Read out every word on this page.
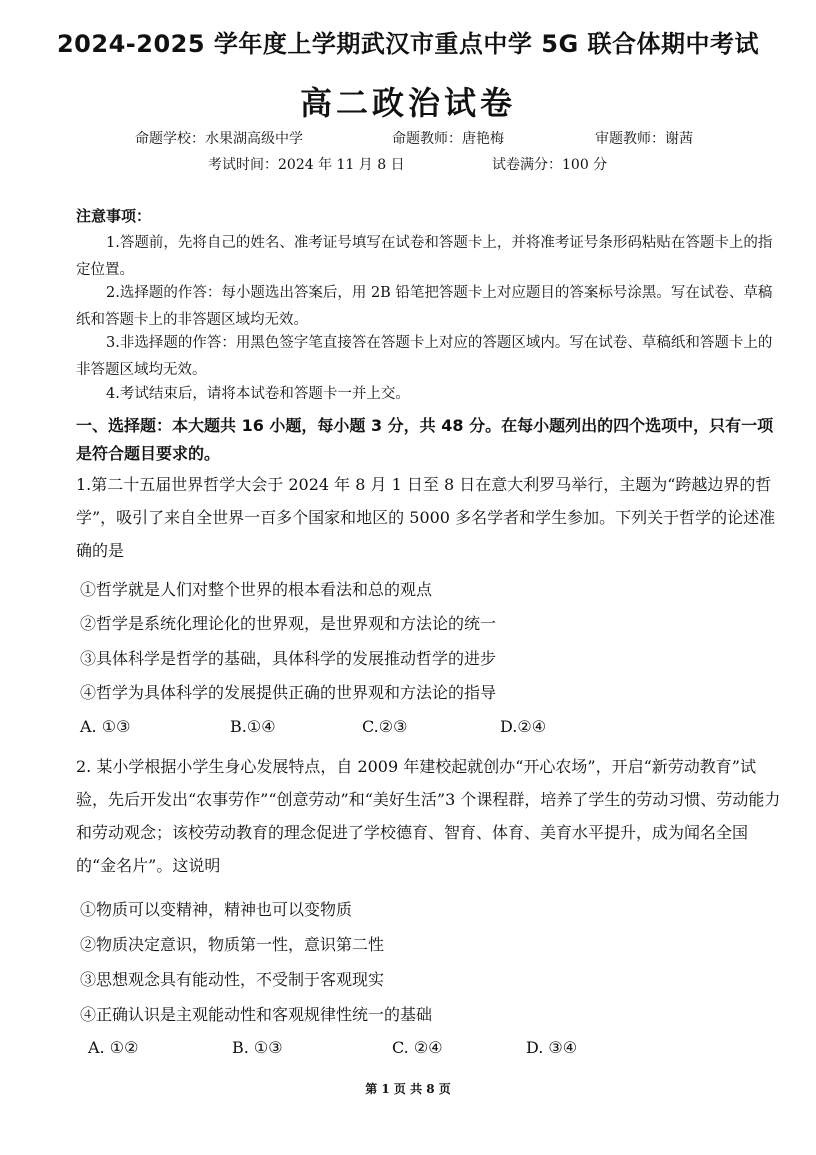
2024-2025 学年度上学期武汉市重点中学 5G 联合体期中考试
高二政治试卷
命题学校：水果湖高级中学	命题教师：唐艳梅	审题教师：谢茜
考试时间：2024 年 11 月 8 日	试卷满分：100 分
注意事项：
1.答题前，先将自己的姓名、准考证号填写在试卷和答题卡上，并将准考证号条形码粘贴在答题卡上的指定位置。
2.选择题的作答：每小题选出答案后，用 2B 铅笔把答题卡上对应题目的答案标号涂黑。写在试卷、草稿纸和答题卡上的非答题区域均无效。
3.非选择题的作答：用黑色签字笔直接答在答题卡上对应的答题区域内。写在试卷、草稿纸和答题卡上的非答题区域均无效。
4.考试结束后，请将本试卷和答题卡一并上交。
一、选择题：本大题共 16 小题，每小题 3 分，共 48 分。在每小题列出的四个选项中，只有一项是符合题目要求的。
1.第二十五届世界哲学大会于 2024 年 8 月 1 日至 8 日在意大利罗马举行，主题为“跨越边界的哲学”，吸引了来自全世界一百多个国家和地区的 5000 多名学者和学生参加。下列关于哲学的论述准确的是
①哲学就是人们对整个世界的根本看法和总的观点
②哲学是系统化理论化的世界观，是世界观和方法论的统一
③具体科学是哲学的基础，具体科学的发展推动哲学的进步
④哲学为具体科学的发展提供正确的世界观和方法论的指导
A. ①③	B.①④	C.②③	D.②④
2. 某小学根据小学生身心发展特点，自 2009 年建校起就创办“开心农场”，开启“新劳动教育”试验，先后开发出“农事劳作”“创意劳动”和“美好生活”3 个课程群，培养了学生的劳动习惯、劳动能力和劳动观念；该校劳动教育的理念促进了学校德育、智育、体育、美育水平提升，成为闻名全国的“金名片”。这说明
①物质可以变精神，精神也可以变物质
②物质决定意识，物质第一性，意识第二性
③思想观念具有能动性，不受制于客观现实
④正确认识是主观能动性和客观规律性统一的基础
A. ①②	B. ①③	C. ②④	D. ③④
第 1 页 共 8 页
